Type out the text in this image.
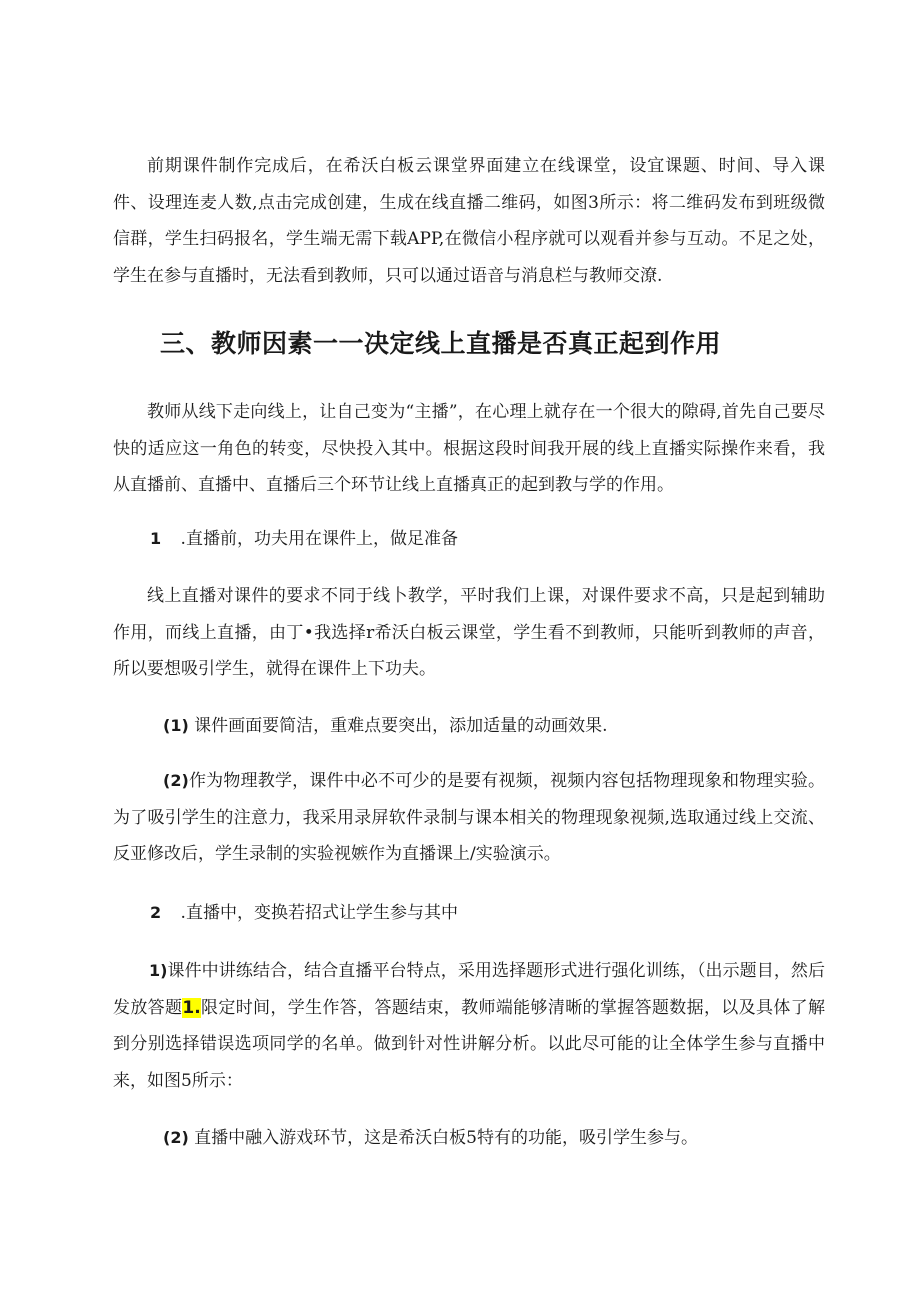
前期课件制作完成后，在希沃白板云课堂界面建立在线课堂，设宜课题、时间、导入课件、设理连麦人数,点击完成创建，生成在线直播二维码，如图3所示：将二维码发布到班级微信群，学生扫码报名，学生端无需下载APP,在微信小程序就可以观看并参与互动。不足之处，学生在参与直播时，无法看到教师，只可以通过语音与消息栏与教师交潦.

三、教师因素一一决定线上直播是否真正起到作用

教师从线下走向线上，让自己变为“主播”，在心理上就存在一个很大的隙碍,首先自己要尽快的适应这一角色的转变，尽快投入其中。根据这段时间我开展的线上直播实际操作来看，我从直播前、直播中、直播后三个环节让线上直播真正的起到教与学的作用。

1 .直播前，功夫用在课件上，做足准备

线上直播对课件的要求不同于线卜教学，平时我们上课，对课件要求不高，只是起到辅助作用，而线上直播，由丁•我选择r希沃白板云课堂，学生看不到教师，只能听到教师的声音，所以要想吸引学生，就得在课件上下功夫。

(1) 课件画面要简洁，重难点要突出，添加适量的动画效果.

(2)作为物理教学，课件中必不可少的是要有视频，视频内容包括物理现象和物理实验。为了吸引学生的注意力，我采用录屏软件录制与课本相关的物理现象视频,选取通过线上交流、反亚修改后，学生录制的实验视嫉作为直播课上/实验演示。

2 .直播中，变换若招式让学生参与其中

1)课件中讲练结合，结合直播平台特点，采用选择题形式进行强化训练，（出示题目，然后发放答题1.限定时间，学生作答，答题结束，教师端能够清晰的掌握答题数据，以及具体了解到分别选择错误选项同学的名单。做到针对性讲解分析。以此尽可能的让全体学生参与直播中来，如图5所示：

(2) 直播中融入游戏环节，这是希沃白板5特有的功能，吸引学生参与。
